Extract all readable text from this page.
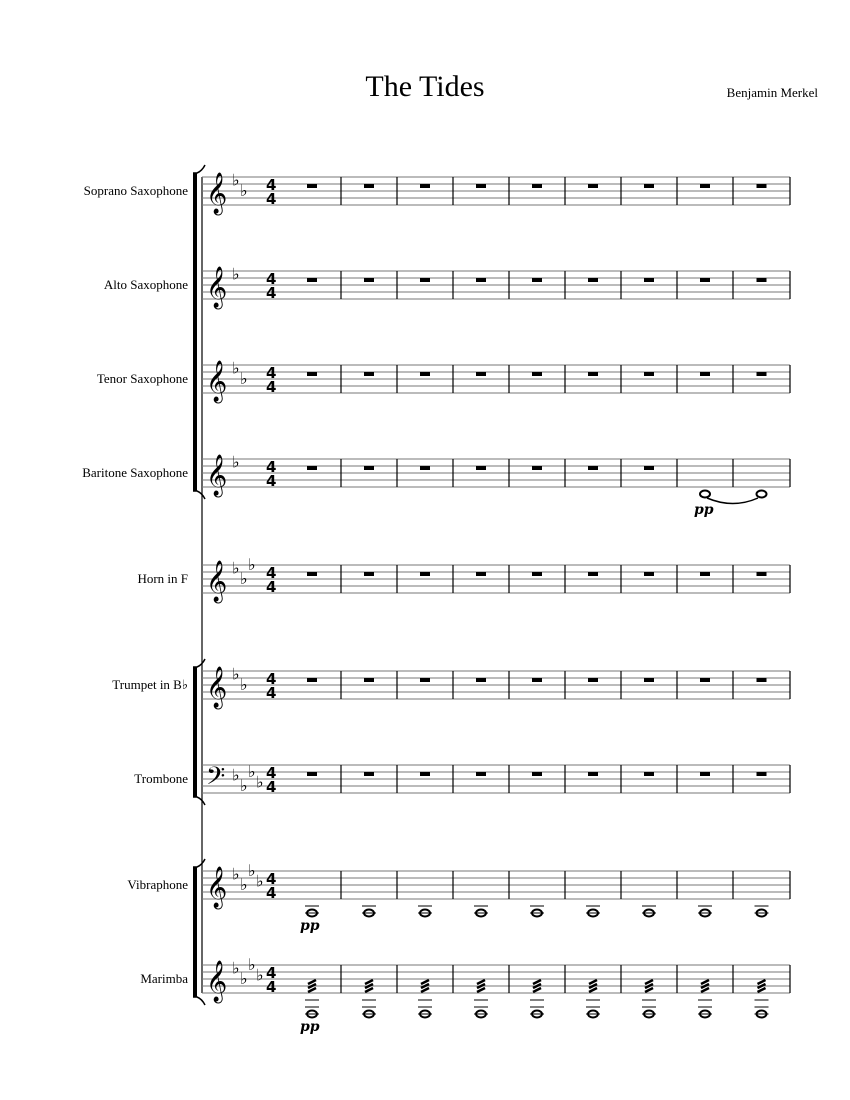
The Tides	Benjamin Merkel
Soprano Saxophone
Alto Saxophone
Tenor Saxophone
Baritone Saxophone
Horn in F
Trumpet in B♭
Trombone
Vibraphone
Marimba
𝄞 ♭
♭ 4
4
𝄞 ♭ 4
4
𝄞 ♭
♭ 4
4
𝄞 ♭ 4
4
pp
𝄞 ♭
♭
♭ 4
4
𝄞 ♭
♭ 4
4
𝄢 ♭
♭
♭
♭ 4
4
𝄞 ♭
♭
♭
♭ 4
4
pp
𝄞 ♭
♭
♭
♭ 4
4
pp
